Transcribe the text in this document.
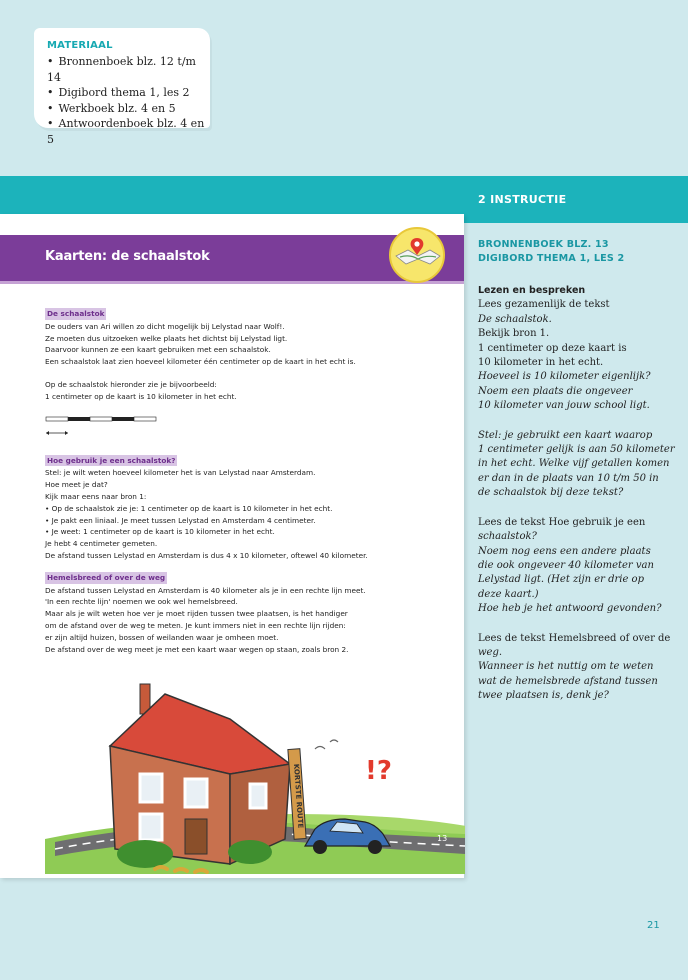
MATERIAAL
• Bronnenboek blz. 12 t/m 14
• Digibord thema 1, les 2
• Werkboek blz. 4 en 5
• Antwoordenboek blz. 4 en 5
2 INSTRUCTIE
Kaarten: de schaalstok
De schaalstok

De ouders van Ari willen zo dicht mogelijk bij Lelystad naar Wolf!.

Ze moeten dus uitzoeken welke plaats het dichtst bij Lelystad ligt.

Daarvoor kunnen ze een kaart gebruiken met een schaalstok.

Een schaalstok laat zien hoeveel kilometer één centimeter op de kaart in het echt is.

Op de schaalstok hieronder zie je bijvoorbeeld:

1 centimeter op de kaart is 10 kilometer in het echt.

Hoe gebruik je een schaalstok?

Stel: je wilt weten hoeveel kilometer het is van Lelystad naar Amsterdam.

Hoe meet je dat?

Kijk maar eens naar bron 1:

• Op de schaalstok zie je: 1 centimeter op de kaart is 10 kilometer in het echt.

• Je pakt een liniaal. Je meet tussen Lelystad en Amsterdam 4 centimeter.

• Je weet: 1 centimeter op de kaart is 10 kilometer in het echt.

Je hebt 4 centimeter gemeten.

De afstand tussen Lelystad en Amsterdam is dus 4 x 10 kilometer, oftewel 40 kilometer.

Hemelsbreed of over de weg

De afstand tussen Lelystad en Amsterdam is 40 kilometer als je in een rechte lijn meet.

'In een rechte lijn' noemen we ook wel hemelsbreed.

Maar als je wilt weten hoe ver je moet rijden tussen twee plaatsen, is het handiger

om de afstand over de weg te meten. Je kunt immers niet in een rechte lijn rijden:

er zijn altijd huizen, bossen of weilanden waar je omheen moet.

De afstand over de weg meet je met een kaart waar wegen op staan, zoals bron 2.

KORTSTE ROUTE !?
13
BRONNENBOEK BLZ. 13
DIGIBORD THEMA 1, LES 2
Lezen en bespreken

Lees gezamenlijk de tekst

De schaalstok.

Bekijk bron 1.

1 centimeter op deze kaart is

10 kilometer in het echt.

Hoeveel is 10 kilometer eigenlijk?

Noem een plaats die ongeveer

10 kilometer van jouw school ligt.

Stel: je gebruikt een kaart waarop

1 centimeter gelijk is aan 50 kilometer

in het echt. Welke vijf getallen komen

er dan in de plaats van 10 t/m 50 in

de schaalstok bij deze tekst?

Lees de tekst Hoe gebruik je een

schaalstok?

Noem nog eens een andere plaats

die ook ongeveer 40 kilometer van

Lelystad ligt. (Het zijn er drie op

deze kaart.)

Hoe heb je het antwoord gevonden?

Lees de tekst Hemelsbreed of over de

weg.

Wanneer is het nuttig om te weten

wat de hemelsbrede afstand tussen

twee plaatsen is, denk je?

21
